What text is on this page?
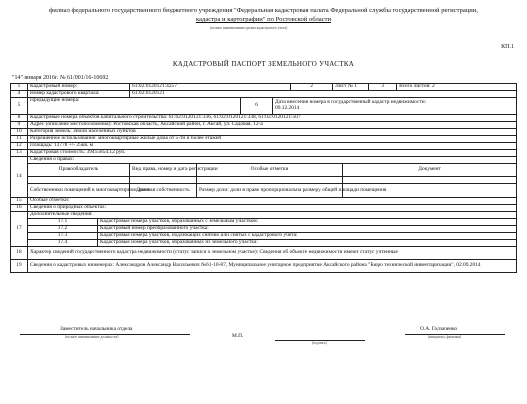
филиал федерального государственного бюджетного учреждения "Федеральная кадастровая палата Федеральной службы государственной регистрации,
кадастра и картографии" по Ростовской области
(полное наименование органа кадастрового учета)
КП.1
КАДАСТРОВЫЙ ПАСПОРТ ЗЕМЕЛЬНОГО УЧАСТКА
"14" января 2016г. № 61/001/16-10692
1	Кадастровый номер:		61:02:0120121:4257				2	Лист № 1		3	Всего листов: 2
4	Номер кадастрового квартала:		61:02:0120121								
5	Предыдущие номера:				6	Дата внесения номера в государственный кадастр недвижимости:
09.12.2014					
8	Кадастровые номера объектов капитального строительства: 61:02:0120121:336, 61:02:0120121:338, 61:02:0120121:507										
9	Адрес (описание местоположения): Ростовская область, Аксайский район, г. Аксай, ул. Садовая, 12-а										
10	Категория земель: Земли населённых пунктов										
11	Разрешенное использование: многоквартирные жилые дома от 5-ти и более этажей										
12	Площадь: 13778 +/- 25кв. м										
13	Кадастровая стоимость: 39455854.12 руб.										
14	Сведения о правах:										
	Правообладатель		Вид права, номер и дата регистрации	Особые отметки					Документ		

	Собственники помещений в многоквартирном доме		Долевая собственность	Размер доли: доли в праве пропорциональна размеру общей площади помещения							
15	Особые отметки:										
16	Сведения о природных объектах:										
17	Дополнительные сведения:										
	17.1	Кадастровые номера участков, образованных с земельным участком:									
	17.2	Кадастровый номер преобразованного участка:									
	17.3	Кадастровые номера участков, подлежащих снятию или снятых с кадастрового учета:									
	17.4	Кадастровые номера участков, образованных из земельного участка:									
18	Характер сведений государственного кадастра недвижимости (статус записи о земельном участке): Сведения об объекте недвижимости имеют статус учтенные										
19	Сведения о кадастровых инженерах: Александров Александр Васильевич №61-10-87, Муниципальное унитарное предприятие Аксайского района "Бюро технической инвентаризации", 02.09.2014										
Заместитель начальника отдела
(полное наименование должности)	М.П.
(подпись)
О.А. Голзаченко
(инициалы, фамилия)
